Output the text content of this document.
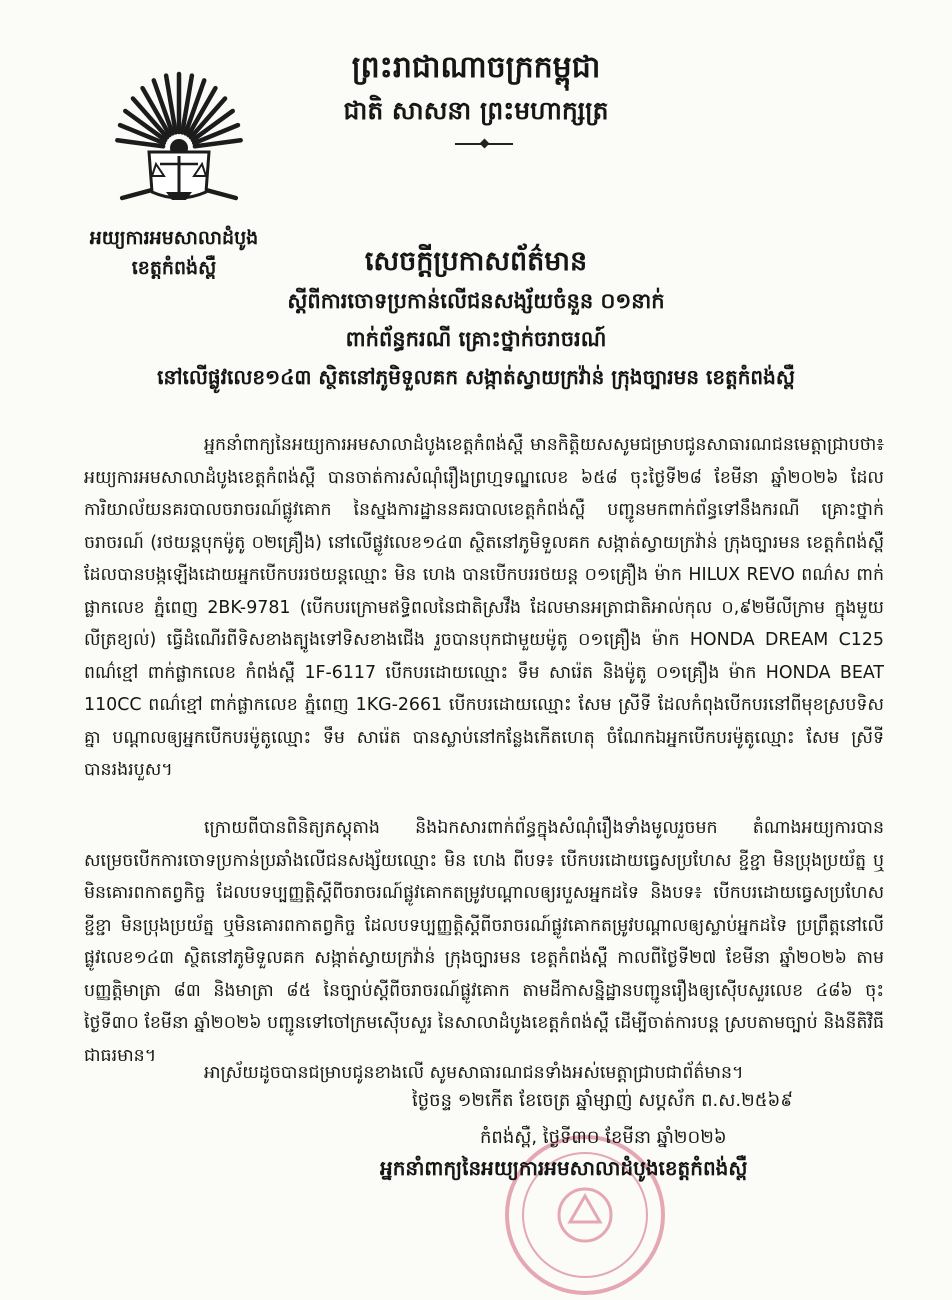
ព្រះរាជាណាចក្រកម្ពុជា
ជាតិ សាសនា ព្រះមហាក្សត្រ
អយ្យការអមសាលាដំបូង
ខេត្តកំពង់ស្ពឺ	សេចក្តីប្រកាសព័ត៌មាន
ស្តីពីការចោទប្រកាន់លើជនសង្ស័យចំនួន ០១នាក់
ពាក់ព័ន្ធករណី គ្រោះថ្នាក់ចរាចរណ៍
នៅលើផ្លូវលេខ១៤៣ ស្ថិតនៅភូមិទួលគក សង្កាត់ស្វាយក្រវ៉ាន់ ក្រុងច្បារមន ខេត្តកំពង់ស្ពឺ

អ្នកនាំពាក្យនៃអយ្យការអមសាលាដំបូងខេត្តកំពង់ស្ពឺ មានកិត្តិយសសូមជម្រាបជូនសាធារណជនមេត្តាជ្រាបថា៖ អយ្យការអមសាលាដំបូងខេត្តកំពង់ស្ពឺ បានចាត់ការសំណុំរឿងព្រហ្មទណ្ឌលេខ ៦៥៨ ចុះថ្ងៃទី២៨ ខែមីនា ឆ្នាំ២០២៦ ដែលការិយាល័យនគរបាលចរាចរណ៍ផ្លូវគោក នៃស្នងការដ្ឋាននគរបាលខេត្តកំពង់ស្ពឺ បញ្ជូនមកពាក់ព័ន្ធទៅនឹងករណី គ្រោះថ្នាក់ចរាចរណ៍ (រថយន្តបុកម៉ូតូ ០២គ្រឿង) នៅលើផ្លូវលេខ១៤៣ ស្ថិតនៅភូមិទួលគក សង្កាត់ស្វាយក្រវ៉ាន់ ក្រុងច្បារមន ខេត្តកំពង់ស្ពឺ ដែលបានបង្កឡើងដោយអ្នកបើកបររថយន្តឈ្មោះ មិន ហេង បានបើកបររថយន្ត ០១គ្រឿង ម៉ាក HILUX REVO ពណ៌ស ពាក់ផ្លាកលេខ ភ្នំពេញ 2BK-9781 (បើកបរក្រោមឥទ្ធិពលនៃជាតិស្រវឹង ដែលមានអត្រាជាតិអាល់កុល ០,៩២មីលីក្រាម ក្នុងមួយលីត្រខ្យល់) ធ្វើដំណើរពីទិសខាងត្បូងទៅទិសខាងជើង រួចបានបុកជាមួយម៉ូតូ ០១គ្រឿង ម៉ាក HONDA DREAM C125 ពណ៌ខ្មៅ ពាក់ផ្លាកលេខ កំពង់ស្ពឺ 1F-6117 បើកបរដោយឈ្មោះ ទឹម សារ៉េត និងម៉ូតូ ០១គ្រឿង ម៉ាក HONDA BEAT 110CC ពណ៌ខ្មៅ ពាក់ផ្លាកលេខ ភ្នំពេញ 1KG-2661 បើកបរដោយឈ្មោះ សែម ស្រីទី ដែលកំពុងបើកបរនៅពីមុខស្របទិសគ្នា បណ្តាលឲ្យអ្នកបើកបរម៉ូតូឈ្មោះ ទឹម សារ៉េត បានស្លាប់នៅកន្លែងកើតហេតុ ចំណែកឯអ្នកបើកបរម៉ូតូឈ្មោះ សែម ស្រីទី បានរងរបួស។

ក្រោយពីបានពិនិត្យភស្តុតាង និងឯកសារពាក់ព័ន្ធក្នុងសំណុំរឿងទាំងមូលរួចមក តំណាងអយ្យការបានសម្រេចបើកការចោទប្រកាន់ប្រឆាំងលើជនសង្ស័យឈ្មោះ មិន ហេង ពីបទ៖ បើកបរដោយធ្វេសប្រហែស ខ្ជីខ្ជា មិនប្រុងប្រយ័ត្ន ឬមិនគោរពកាតព្វកិច្ច ដែលបទប្បញ្ញត្តិស្តីពីចរាចរណ៍ផ្លូវគោកតម្រូវបណ្តាលឲ្យរបួសអ្នកដទៃ និងបទ៖ បើកបរដោយធ្វេសប្រហែស ខ្ជីខ្ជា មិនប្រុងប្រយ័ត្ន ឬមិនគោរពកាតព្វកិច្ច ដែលបទប្បញ្ញត្តិស្តីពីចរាចរណ៍ផ្លូវគោកតម្រូវបណ្តាលឲ្យស្លាប់អ្នកដទៃ ប្រព្រឹត្តនៅលើផ្លូវលេខ១៤៣ ស្ថិតនៅភូមិទួលគក សង្កាត់ស្វាយក្រវ៉ាន់ ក្រុងច្បារមន ខេត្តកំពង់ស្ពឺ កាលពីថ្ងៃទី២៧ ខែមីនា ឆ្នាំ២០២៦ តាមបញ្ញត្តិមាត្រា ៨៣ និងមាត្រា ៨៥ នៃច្បាប់ស្តីពីចរាចរណ៍ផ្លូវគោក តាមដីកាសន្និដ្ឋានបញ្ជូនរឿងឲ្យស៊ើបសួរលេខ ៤៨៦ ចុះថ្ងៃទី៣០ ខែមីនា ឆ្នាំ២០២៦ បញ្ជូនទៅចៅក្រមស៊ើបសួរ នៃសាលាដំបូងខេត្តកំពង់ស្ពឺ ដើម្បីចាត់ការបន្ត ស្របតាមច្បាប់ និងនីតិវិធីជាធរមាន។

អាស្រ័យដូចបានជម្រាបជូនខាងលើ សូមសាធារណជនទាំងអស់មេត្តាជ្រាបជាព័ត៌មាន។

ថ្ងៃចន្ទ ១២កើត ខែចេត្រ ឆ្នាំម្សាញ់ សប្តស័ក ព.ស.២៥៦៩
កំពង់ស្ពឺ, ថ្ងៃទី៣០ ខែមីនា ឆ្នាំ២០២៦
អ្នកនាំពាក្យនៃអយ្យការអមសាលាដំបូងខេត្តកំពង់ស្ពឺ
